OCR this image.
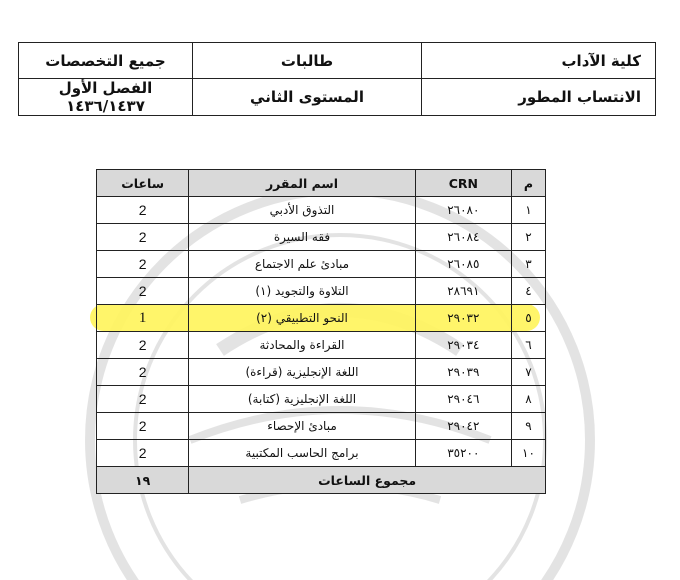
كلية الآداب	طالبات	جميع التخصصات
الانتساب المطور	المستوى الثاني	الفصل الأول ١٤٣٦/١٤٣٧
م	CRN	اسم المقرر	ساعات
١	٢٦٠٨٠	التذوق الأدبي	2
٢	٢٦٠٨٤	فقه السيرة	2
٣	٢٦٠٨٥	مبادئ علم الاجتماع	2
٤	٢٨٦٩١	التلاوة والتجويد (١)	2
٥	٢٩٠٣٢	النحو التطبيقي (٢)	1
٦	٢٩٠٣٤	القراءة والمحادثة	2
٧	٢٩٠٣٩	اللغة الإنجليزية (قراءة)	2
٨	٢٩٠٤٦	اللغة الإنجليزية (كتابة)	2
٩	٢٩٠٤٢	مبادئ الإحصاء	2
١٠	٣٥٢٠٠	برامج الحاسب المكتبية	2
مجموع الساعات			١٩
